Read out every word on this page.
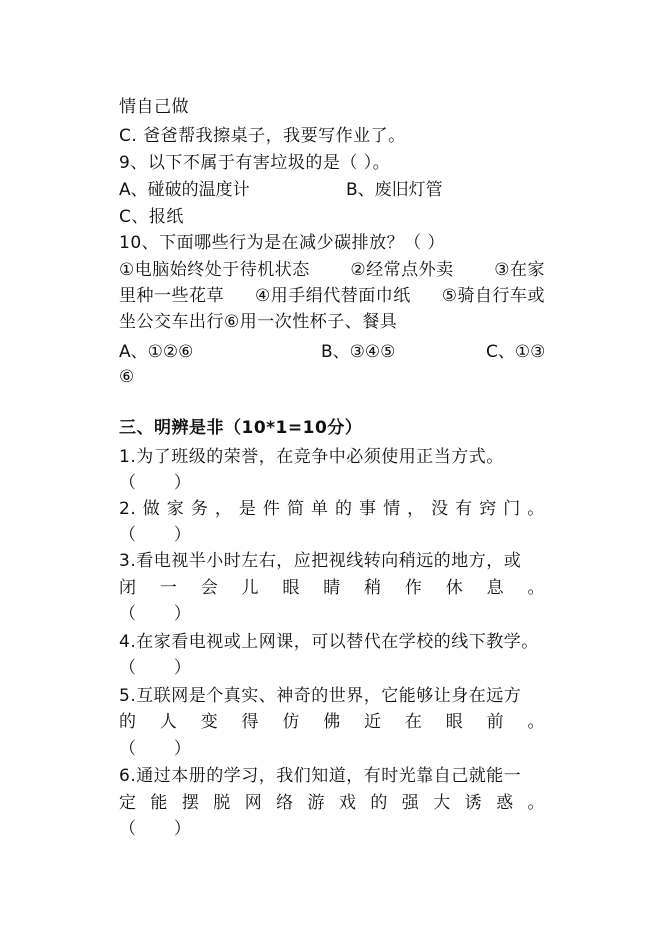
情自己做
C. 爸爸帮我擦桌子，我要写作业了。
9、以下不属于有害垃圾的是（ ）。
A、碰破的温度计	B、废旧灯管
C、报纸
10、下面哪些行为是在减少碳排放？（ ）
①电脑始终处于待机状态 ②经常点外卖 ③在家
里种一些花草 ④用手绢代替面巾纸 ⑤骑自行车或
坐公交车出行⑥用一次性杯子、餐具
A、①②⑥	B、③④⑤	C、①③
⑥
三、明辨是非（10*1=10分）
1.为了班级的荣誉，在竞争中必须使用正当方式。
（       ）
2. 做 家 务 ， 是 件 简 单 的 事 情 ， 没 有 窍 门 。
（       ）
3.看电视半小时左右，应把视线转向稍远的地方，或
闭 一 会 儿 眼 睛 稍 作 休 息 。
（       ）
4.在家看电视或上网课，可以替代在学校的线下教学。
（       ）
5.互联网是个真实、神奇的世界，它能够让身在远方
的 人 变 得 仿 佛 近 在 眼 前 。
（       ）
6.通过本册的学习，我们知道，有时光靠自己就能一
定 能 摆 脱 网 络 游 戏 的 强 大 诱 惑 。
（       ）
